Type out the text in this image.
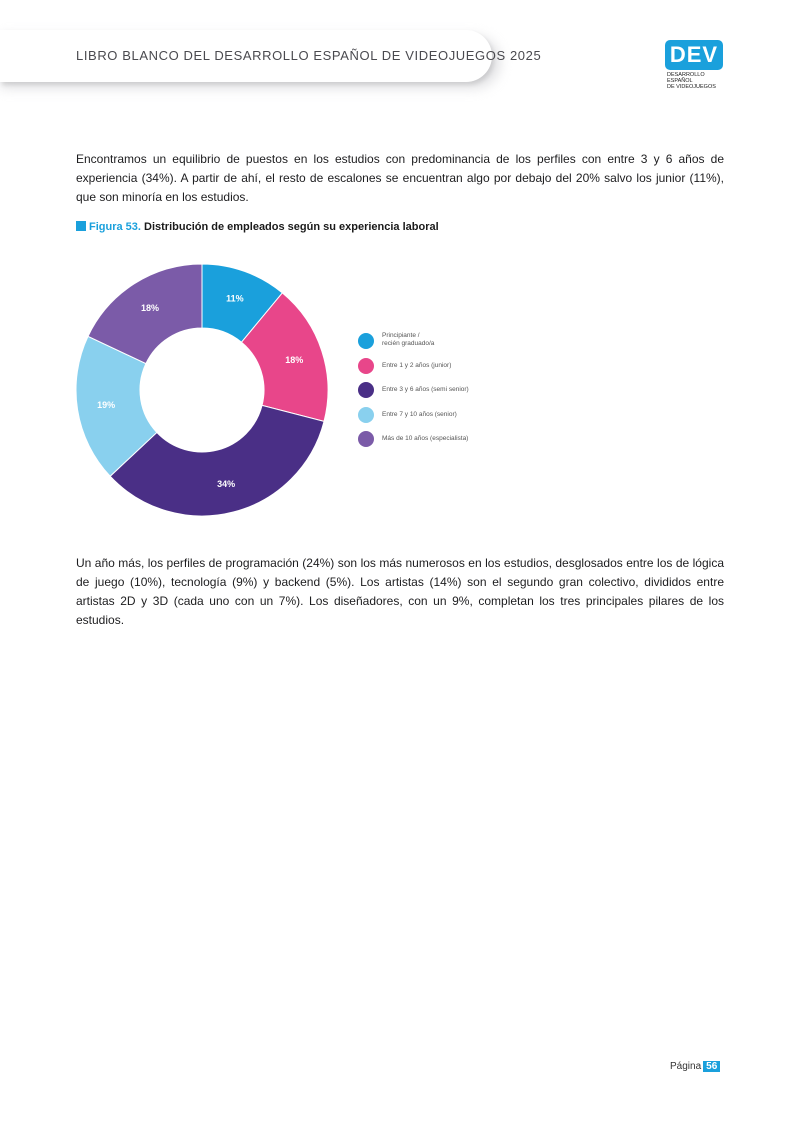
LIBRO BLANCO DEL DESARROLLO ESPAÑOL DE VIDEOJUEGOS 2025	DEV
DESARROLLO ESPAÑOL
DE VIDEOJUEGOS
Encontramos un equilibrio de puestos en los estudios con predominancia de los perfiles con entre 3 y 6 años de experiencia (34%). A partir de ahí, el resto de escalones se encuentran algo por debajo del 20% salvo los junior (11%), que son minoría en los estudios.
Figura 53. Distribución de empleados según su experiencia laboral
11%
18%
34%
19%
18%
Principiante /
recién graduado/a
Entre 1 y 2 años (junior)
Entre 3 y 6 años (semi senior)
Entre 7 y 10 años (senior)
Más de 10 años (especialista)
Un año más, los perfiles de programación (24%) son los más numerosos en los estudios, desglosados entre los de lógica de juego (10%), tecnología (9%) y backend (5%). Los artistas (14%) son el segundo gran colectivo, divididos entre artistas 2D y 3D (cada uno con un 7%). Los diseñadores, con un 9%, completan los tres principales pilares de los estudios.
Página 56
